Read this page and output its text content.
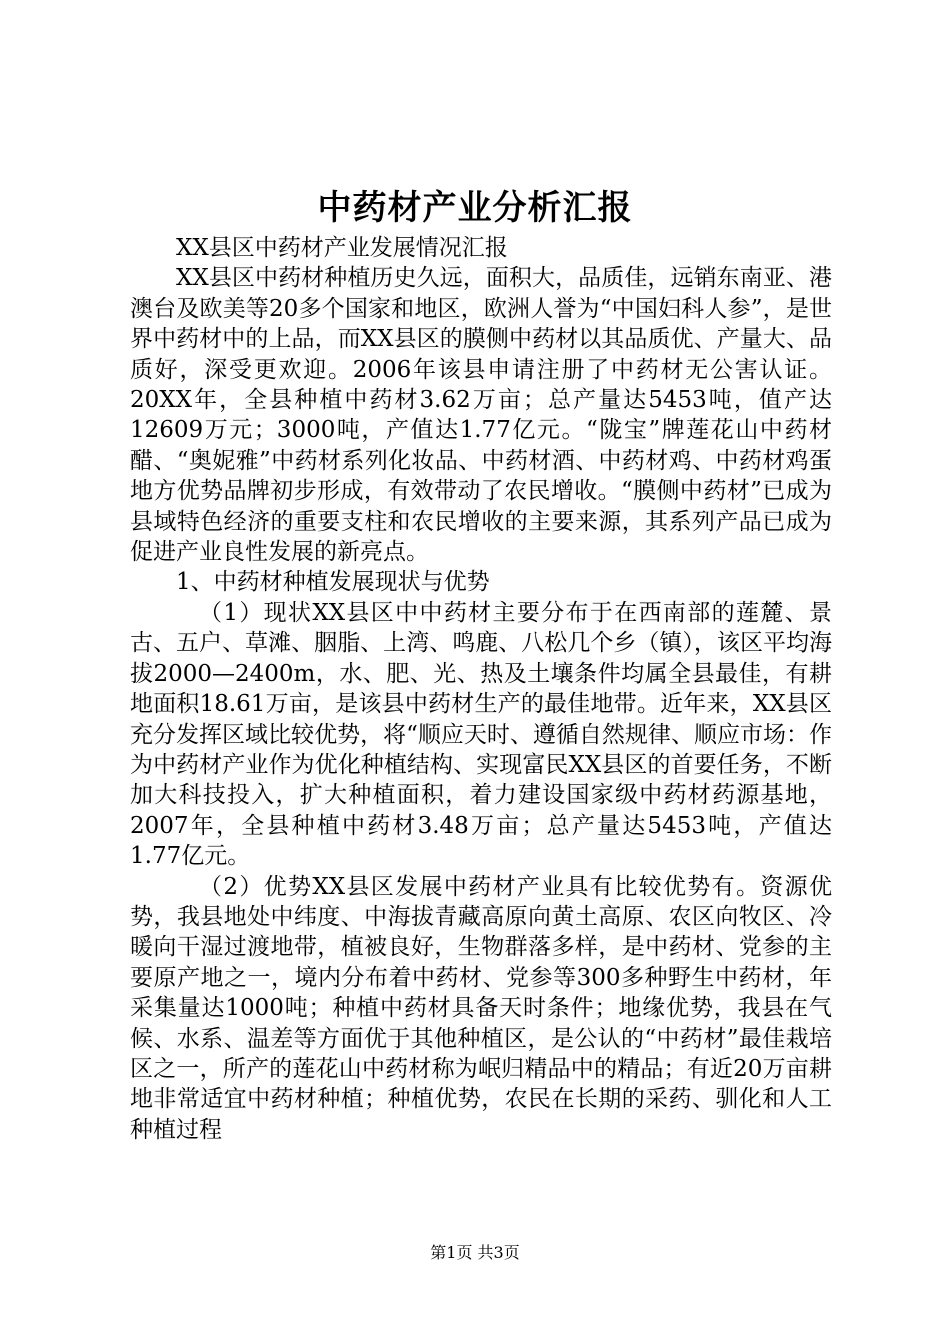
中药材产业分析汇报

XX县区中药材产业发展情况汇报

XX县区中药材种植历史久远，面积大，品质佳，远销东南亚、港澳台及欧美等20多个国家和地区，欧洲人誉为“中国妇科人参”，是世界中药材中的上品，而XX县区的膜侧中药材以其品质优、产量大、品质好，深受更欢迎。2006年该县申请注册了中药材无公害认证。20XX年，全县种植中药材3.62万亩；总产量达5453吨，值产达12609万元；3000吨，产值达1.77亿元。“陇宝”牌莲花山中药材醋、“奥妮雅”中药材系列化妆品、中药材酒、中药材鸡、中药材鸡蛋地方优势品牌初步形成，有效带动了农民增收。“膜侧中药材”已成为县域特色经济的重要支柱和农民增收的主要来源，其系列产品已成为促进产业良性发展的新亮点。

1、中药材种植发展现状与优势

（1）现状XX县区中中药材主要分布于在西南部的莲麓、景古、五户、草滩、胭脂、上湾、鸣鹿、八松几个乡（镇），该区平均海拔2000—2400m，水、肥、光、热及土壤条件均属全县最佳，有耕地面积18.61万亩，是该县中药材生产的最佳地带。近年来，XX县区充分发挥区域比较优势，将“顺应天时、遵循自然规律、顺应市场：作为中药材产业作为优化种植结构、实现富民XX县区的首要任务，不断加大科技投入，扩大种植面积，着力建设国家级中药材药源基地，2007年，全县种植中药材3.48万亩；总产量达5453吨，产值达1.77亿元。

（2）优势XX县区发展中药材产业具有比较优势有。资源优势，我县地处中纬度、中海拔青藏高原向黄土高原、农区向牧区、冷暖向干湿过渡地带，植被良好，生物群落多样，是中药材、党参的主要原产地之一，境内分布着中药材、党参等300多种野生中药材，年采集量达1000吨；种植中药材具备天时条件；地缘优势，我县在气候、水系、温差等方面优于其他种植区，是公认的“中药材”最佳栽培区之一，所产的莲花山中药材称为岷归精品中的精品；有近20万亩耕地非常适宜中药材种植；种植优势，农民在长期的采药、驯化和人工种植过程

第1页 共3页
